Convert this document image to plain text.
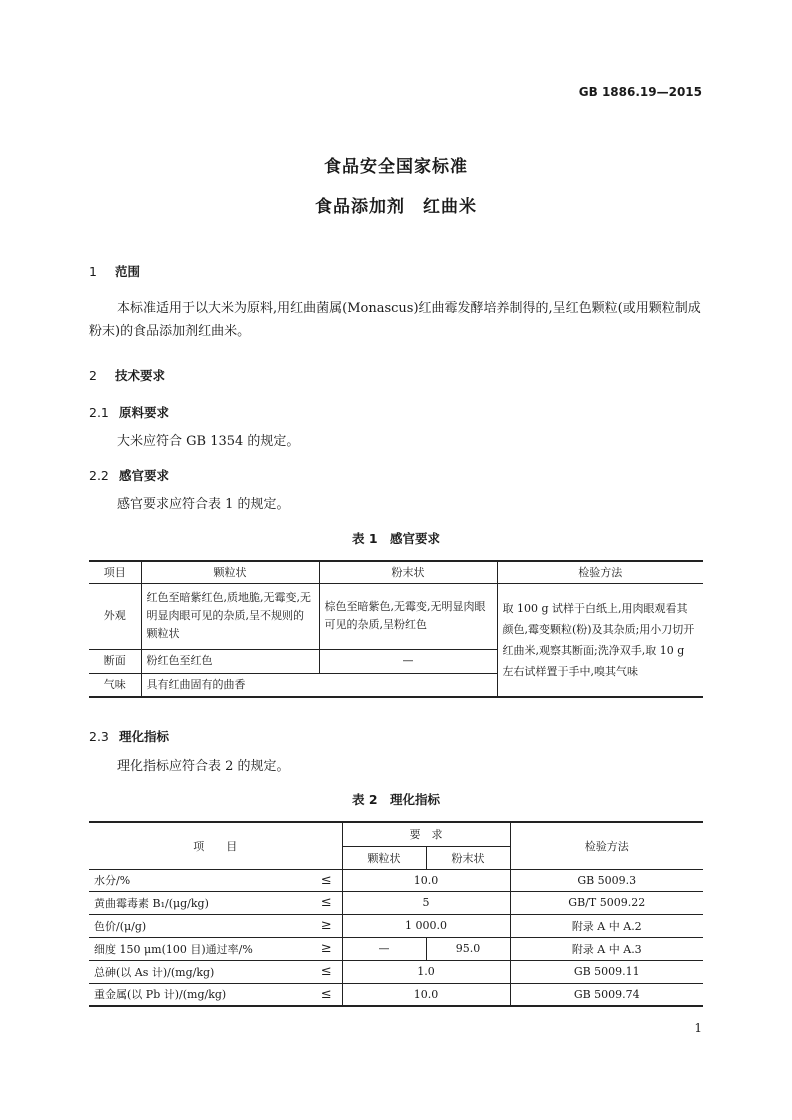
GB 1886.19—2015
食品安全国家标准
食品添加剂　红曲米
1 范围
本标准适用于以大米为原料,用红曲菌属(Monascus)红曲霉发酵培养制得的,呈红色颗粒(或用颗粒制成粉末)的食品添加剂红曲米。
2 技术要求
2.1 原料要求
大米应符合 GB 1354 的规定。
2.2 感官要求
感官要求应符合表 1 的规定。
表 1　感官要求
项目	颗粒状	粉末状	检验方法
外观	红色至暗紫红色,质地脆,无霉变,无明显肉眼可见的杂质,呈不规则的颗粒状	棕色至暗紫色,无霉变,无明显肉眼可见的杂质,呈粉红色	取 100 g 试样于白纸上,用肉眼观看其颜色,霉变颗粒(粉)及其杂质;用小刀切开红曲米,观察其断面;洗净双手,取 10 g 左右试样置于手中,嗅其气味
断面	粉红色至红色	—	
气味	具有红曲固有的曲香		
2.3 理化指标
理化指标应符合表 2 的规定。
表 2　理化指标
项　　目		要　求		检验方法
		颗粒状	粉末状	
水分/%	≤	10.0		GB 5009.3
黄曲霉毒素 B₁/(μg/kg)	≤	5		GB/T 5009.22
色价/(μ/g)	≥	1 000.0		附录 A 中 A.2
细度 150 μm(100 目)通过率/%	≥	—	95.0	附录 A 中 A.3
总砷(以 As 计)/(mg/kg)	≤	1.0		GB 5009.11
重金属(以 Pb 计)/(mg/kg)	≤	10.0		GB 5009.74
1
